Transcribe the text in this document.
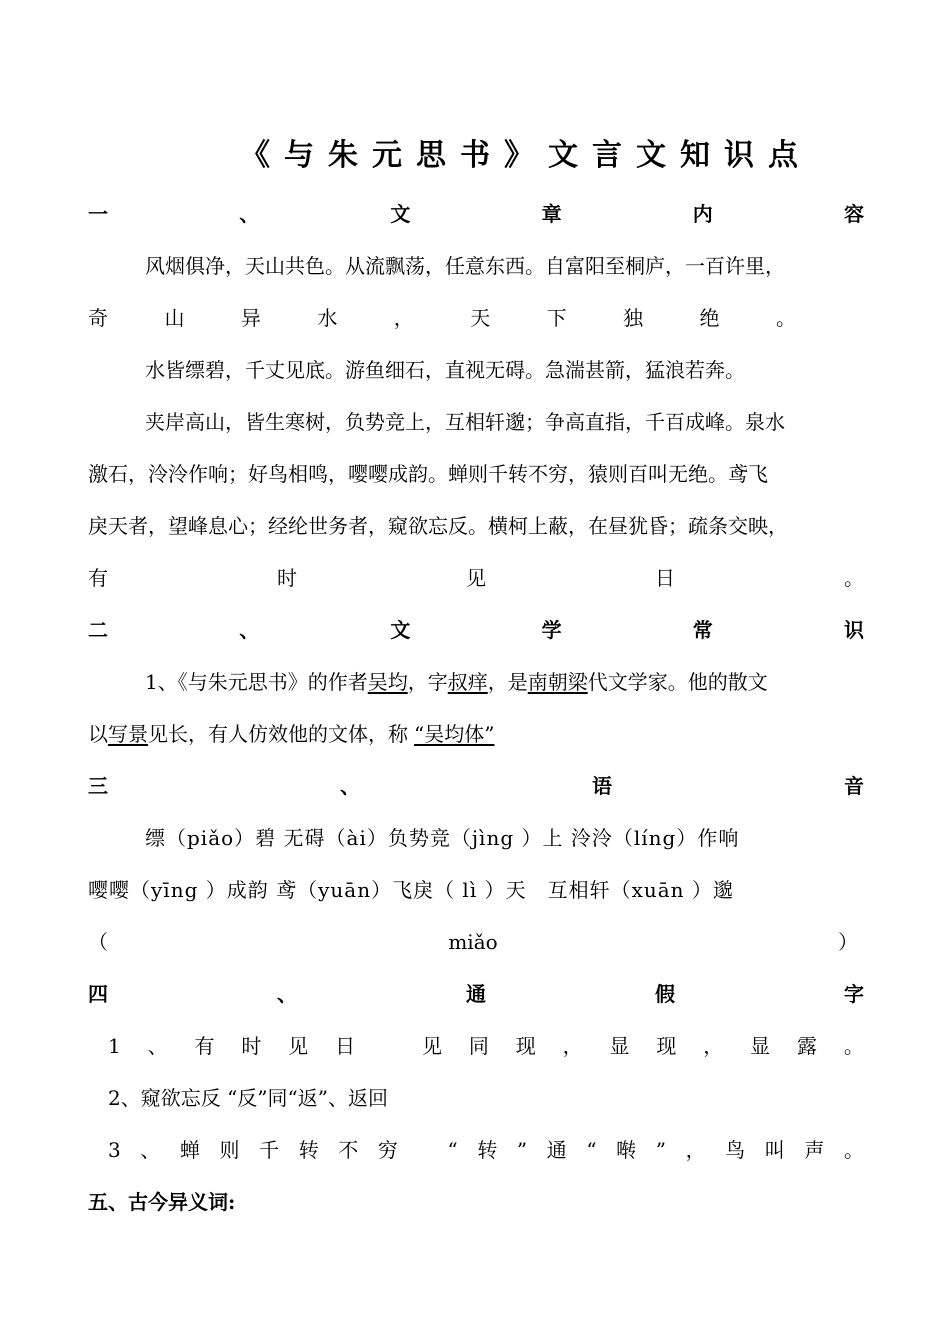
《与朱元思书》文言文知识点
一	、	文	章	内	容
风烟俱净，天山共色。从流飘荡，任意东西。自富阳至桐庐，一百许里，
奇	山	异	水	，	天	下	独	绝	。
水皆缥碧，千丈见底。游鱼细石，直视无碍。急湍甚箭，猛浪若奔。
夹岸高山，皆生寒树，负势竞上，互相轩邈；争高直指，千百成峰。泉水
激石，泠泠作响；好鸟相鸣，嘤嘤成韵。蝉则千转不穷，猿则百叫无绝。鸢飞
戾天者，望峰息心；经纶世务者，窥欲忘反。横柯上蔽，在昼犹昏；疏条交映，
有	时	见	日	。
二	、	文	学	常	识
1、《与朱元思书》的作者吴均，字叔痒，是南朝梁代文学家。他的散文
以写景见长，有人仿效他的文体，称 “吴均体”
三	、	语	音
缥（piǎo）碧 无碍（ài）负势竞（jìng ）上 泠泠（líng）作响
嘤嘤（yīng ）成韵 鸢（yuān）飞戾（ lì ）天　互相轩（xuān ）邈
（	miǎo	）
四	、	通	假	字
1 、 有 时 见 日	见 同 现 ， 显 现 ， 显 露 。
2、窥欲忘反 “反”同“返”、返回
3 、 蝉 则 千 转 不 穷 “ 转 ” 通 “ 啭 ” ， 鸟 叫 声 。
五、古今异义词:
